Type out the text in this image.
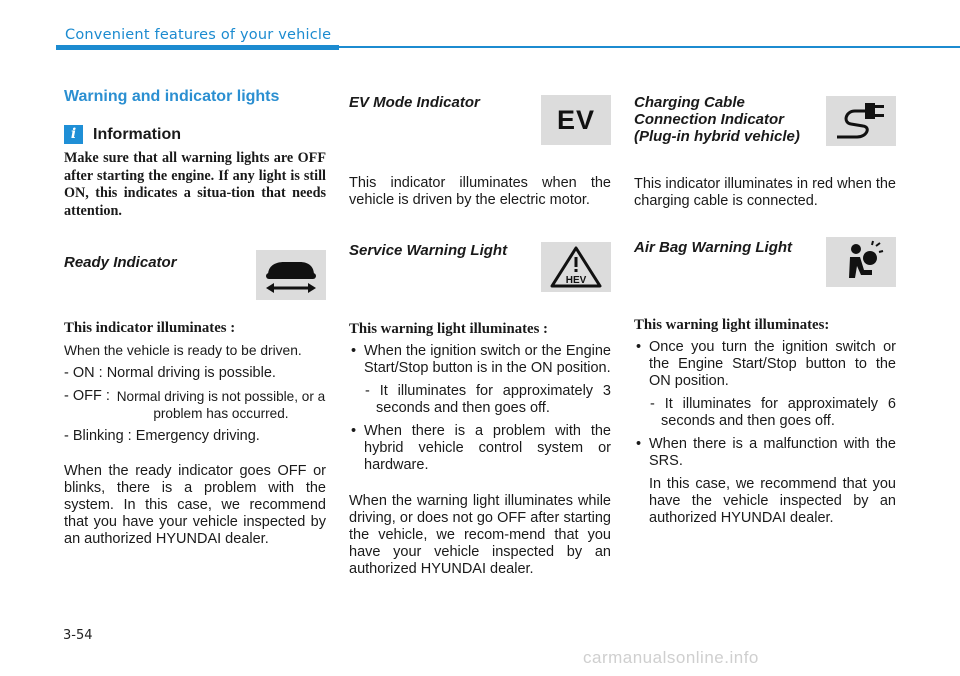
Convenient features of your vehicle
Warning and indicator lights
i	Information
Make sure that all warning lights are OFF after starting the engine. If any light is still ON, this indicates a situa-tion that needs attention.
Ready Indicator

This indicator illuminates :

When the vehicle is ready to be driven.

- ON : Normal driving is possible.

- OFF : Normal driving is not possible, or a problem has occurred.

- Blinking : Emergency driving.

When the ready indicator goes OFF or blinks, there is a problem with the system. In this case, we recommend that you have your vehicle inspected by an authorized HYUNDAI dealer.

EV Mode Indicator
EV

This indicator illuminates when the vehicle is driven by the electric motor.

Service Warning Light
HEV

This warning light illuminates :

• When the ignition switch or the Engine Start/Stop button is in the ON position.
- It illuminates for approximately 3 seconds and then goes off.
• When there is a problem with the hybrid vehicle control system or hardware.

When the warning light illuminates while driving, or does not go OFF after starting the vehicle, we recom-mend that you have your vehicle inspected by an authorized HYUNDAI dealer.

Charging Cable
Connection Indicator
(Plug-in hybrid vehicle)

This indicator illuminates in red when the charging cable is connected.

Air Bag Warning Light

This warning light illuminates:

• Once you turn the ignition switch or the Engine Start/Stop button to the ON position.
- It illuminates for approximately 6 seconds and then goes off.
• When there is a malfunction with the SRS.
In this case, we recommend that you have the vehicle inspected by an authorized HYUNDAI dealer.
3-54
carmanualsonline.info
